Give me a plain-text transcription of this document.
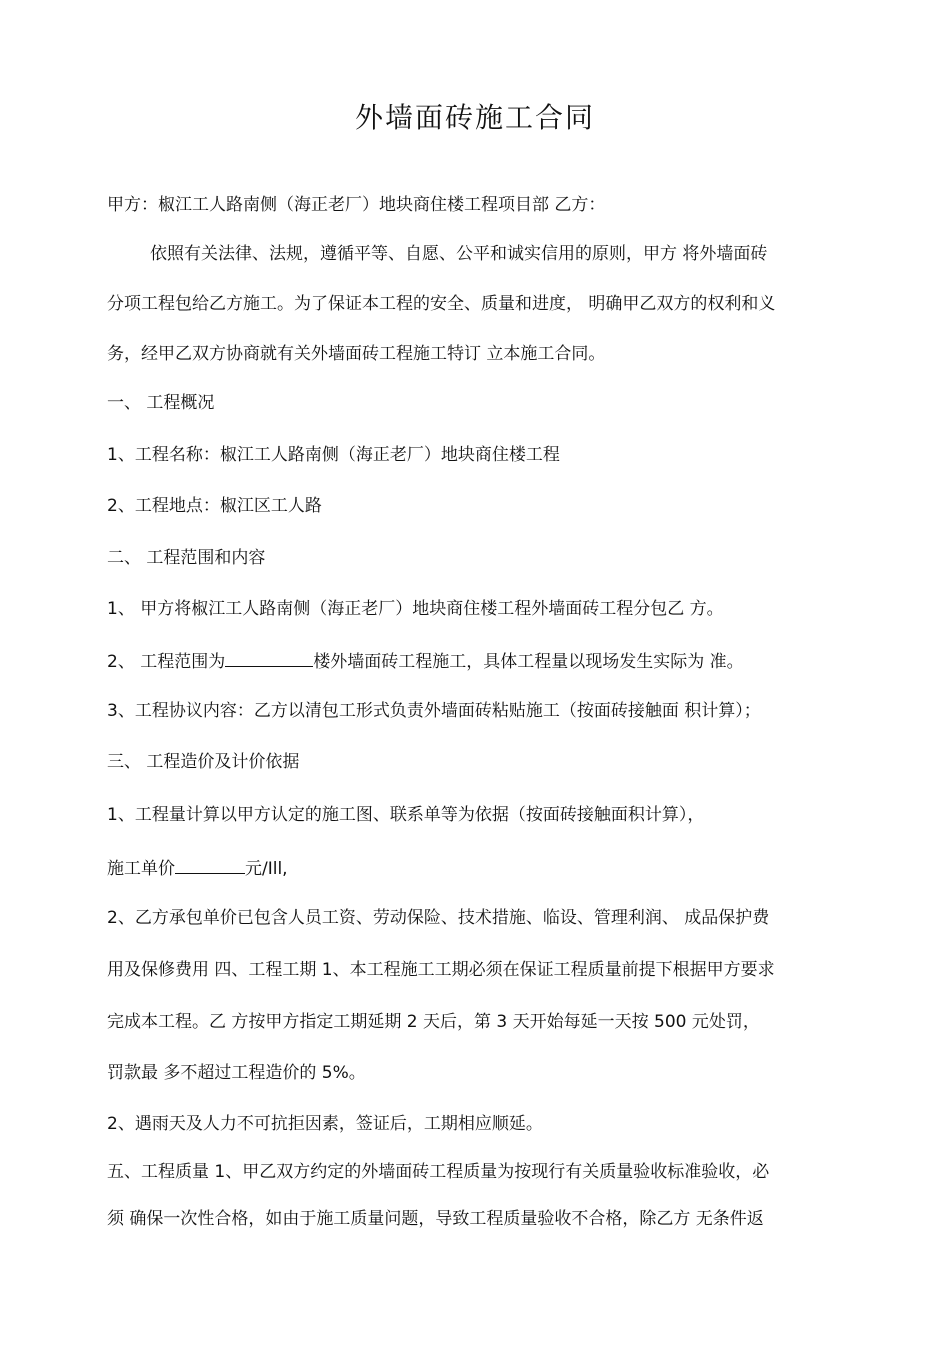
外墙面砖施工合同
甲方：椒江工人路南侧（海正老厂）地块商住楼工程项目部 乙方：
依照有关法律、法规，遵循平等、自愿、公平和诚实信用的原则，甲方 将外墙面砖
分项工程包给乙方施工。为了保证本工程的安全、质量和进度， 明确甲乙双方的权利和义
务，经甲乙双方协商就有关外墙面砖工程施工特订 立本施工合同。
一、 工程概况
1、工程名称：椒江工人路南侧（海正老厂）地块商住楼工程
2、工程地点：椒江区工人路
二、 工程范围和内容
1、 甲方将椒江工人路南侧（海正老厂）地块商住楼工程外墙面砖工程分包乙 方。
2、 工程范围为	楼外墙面砖工程施工，具体工程量以现场发生实际为 准。
3、工程协议内容：乙方以清包工形式负责外墙面砖粘贴施工（按面砖接触面 积计算）；
三、 工程造价及计价依据
1、工程量计算以甲方认定的施工图、联系单等为依据（按面砖接触面积计算），
施工单价	元/Ill,
2、乙方承包单价已包含人员工资、劳动保险、技术措施、临设、管理利润、 成品保护费
用及保修费用 四、工程工期 1、本工程施工工期必须在保证工程质量前提下根据甲方要求
完成本工程。乙 方按甲方指定工期延期 2 天后，第 3 天开始每延一天按 500 元处罚，
罚款最 多不超过工程造价的 5%。
2、遇雨天及人力不可抗拒因素，签证后，工期相应顺延。
五、工程质量 1、甲乙双方约定的外墙面砖工程质量为按现行有关质量验收标准验收，必
须 确保一次性合格，如由于施工质量问题，导致工程质量验收不合格，除乙方 无条件返
